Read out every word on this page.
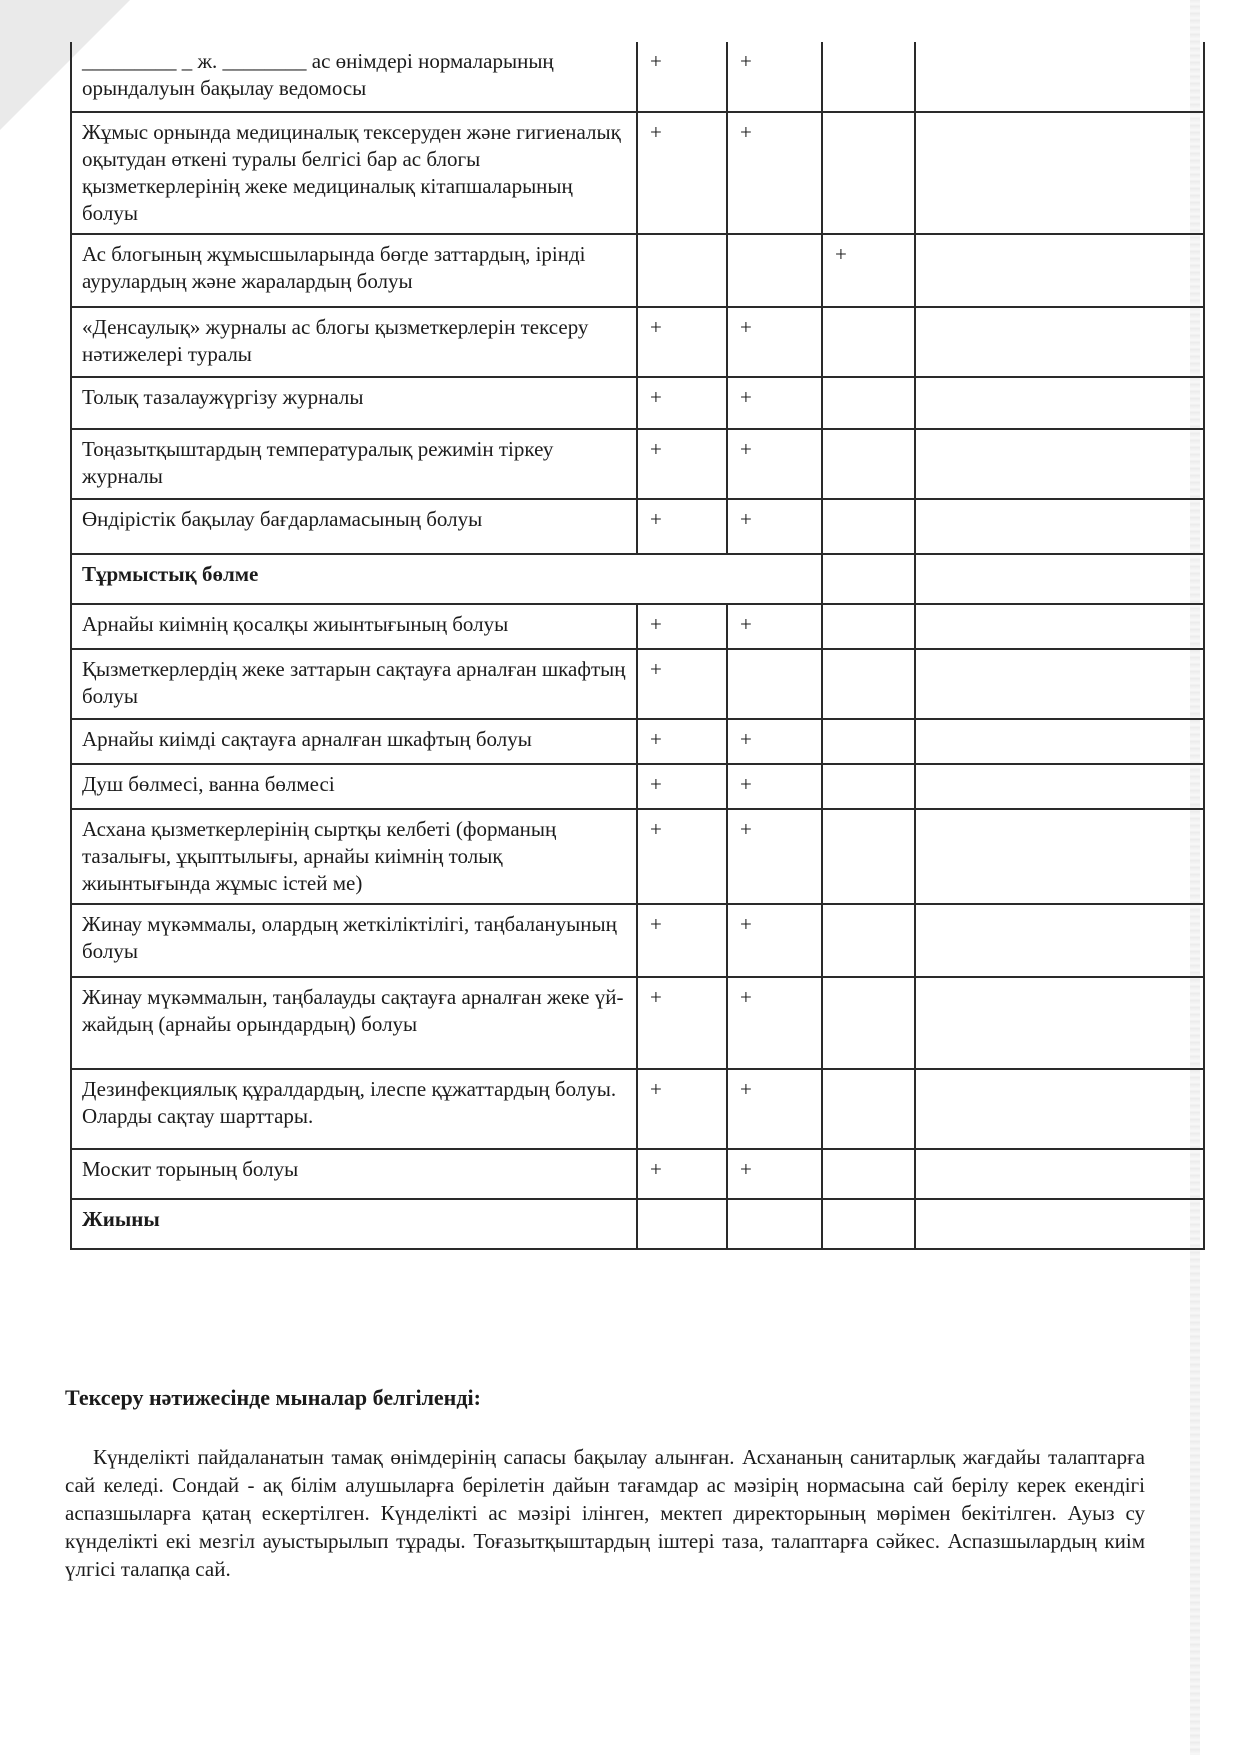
_________ _ ж. ________ ас өнімдері нормаларының орындалуын бақылау ведомосы	+	+		
Жұмыс орнында медициналық тексеруден және гигиеналық оқытудан өткені туралы белгісі бар ас блогы қызметкерлерінің жеке медициналық кітапшаларының болуы	+	+		
Ас блогының жұмысшыларында бөгде заттардың, ірінді аурулардың және жаралардың болуы			+	
«Денсаулық» журналы ас блогы қызметкерлерін тексеру нәтижелері туралы	+	+		
Толық тазалаужүргізу журналы	+	+		
Тоңазытқыштардың температуралық режимін тіркеу журналы	+	+		
Өндірістік бақылау бағдарламасының болуы	+	+		
Тұрмыстық бөлме				
Арнайы киімнің қосалқы жиынтығының болуы	+	+		
Қызметкерлердің жеке заттарын сақтауға арналған шкафтың болуы	+			
Арнайы киімді сақтауға арналған шкафтың болуы	+	+		
Душ бөлмесі, ванна бөлмесі	+	+		
Асхана қызметкерлерінің сыртқы келбеті (форманың тазалығы, ұқыптылығы, арнайы киімнің толық жиынтығында жұмыс істей ме)	+	+		
Жинау мүкәммалы, олардың жеткіліктілігі, таңбалануының болуы	+	+		
Жинау мүкәммалын, таңбалауды сақтауға арналған жеке үй-жайдың (арнайы орындардың) болуы	+	+		
Дезинфекциялық құралдардың, ілеспе құжаттардың болуы. Оларды сақтау шарттары.	+	+		
Москит торының болуы	+	+		
Жиыны				
Тексеру нәтижесінде мыналар белгіленді:

Күнделікті пайдаланатын тамақ өнімдерінің сапасы бақылау алынған. Асхананың санитарлық жағдайы талаптарға сай келеді. Сондай - ақ білім алушыларға берілетін дайын тағамдар ас мәзірің нормасына сай берілу керек екендігі аспазшыларға қатаң ескертілген. Күнделікті ас мәзірі ілінген, мектеп директорының мөрімен бекітілген. Ауыз су күнделікті екі мезгіл ауыстырылып тұрады. Тоғазытқыштардың іштері таза, талаптарға сәйкес. Аспазшылардың киім үлгісі талапқа сай.
